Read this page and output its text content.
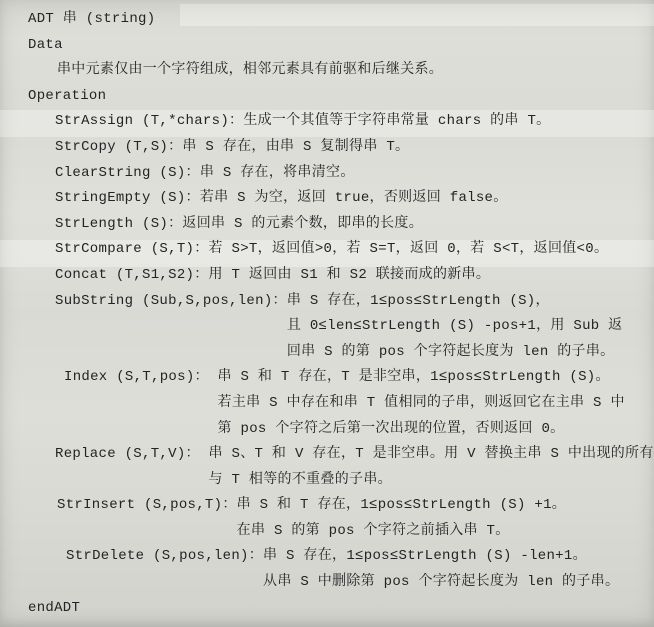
ADT 串 (string)
Data
串中元素仅由一个字符组成，相邻元素具有前驱和后继关系。
Operation
StrAssign (T,*chars)： 生成一个其值等于字符串常量 chars 的串 T。
StrCopy (T,S)： 串 S 存在，由串 S 复制得串 T。
ClearString (S)： 串 S 存在，将串清空。
StringEmpty (S)： 若串 S 为空，返回 true，否则返回 false。
StrLength (S)： 返回串 S 的元素个数，即串的长度。
StrCompare (S,T)： 若 S>T，返回值>0，若 S=T，返回 0，若 S<T，返回值<0。
Concat (T,S1,S2)： 用 T 返回由 S1 和 S2 联接而成的新串。
SubString (Sub,S,pos,len)： 串 S 存在，1≤pos≤StrLength (S)，
且 0≤len≤StrLength (S) -pos+1，用 Sub 返
回串 S 的第 pos 个字符起长度为 len 的子串。
Index (S,T,pos)： 串 S 和 T 存在，T 是非空串，1≤pos≤StrLength (S)。
若主串 S 中存在和串 T 值相同的子串，则返回它在主串 S 中
第 pos 个字符之后第一次出现的位置，否则返回 0。
Replace (S,T,V)： 串 S、T 和 V 存在，T 是非空串。用 V 替换主串 S 中出现的所有
与 T 相等的不重叠的子串。
StrInsert (S,pos,T)： 串 S 和 T 存在，1≤pos≤StrLength (S) +1。
在串 S 的第 pos 个字符之前插入串 T。
StrDelete (S,pos,len)： 串 S 存在，1≤pos≤StrLength (S) -len+1。
从串 S 中删除第 pos 个字符起长度为 len 的子串。
endADT
